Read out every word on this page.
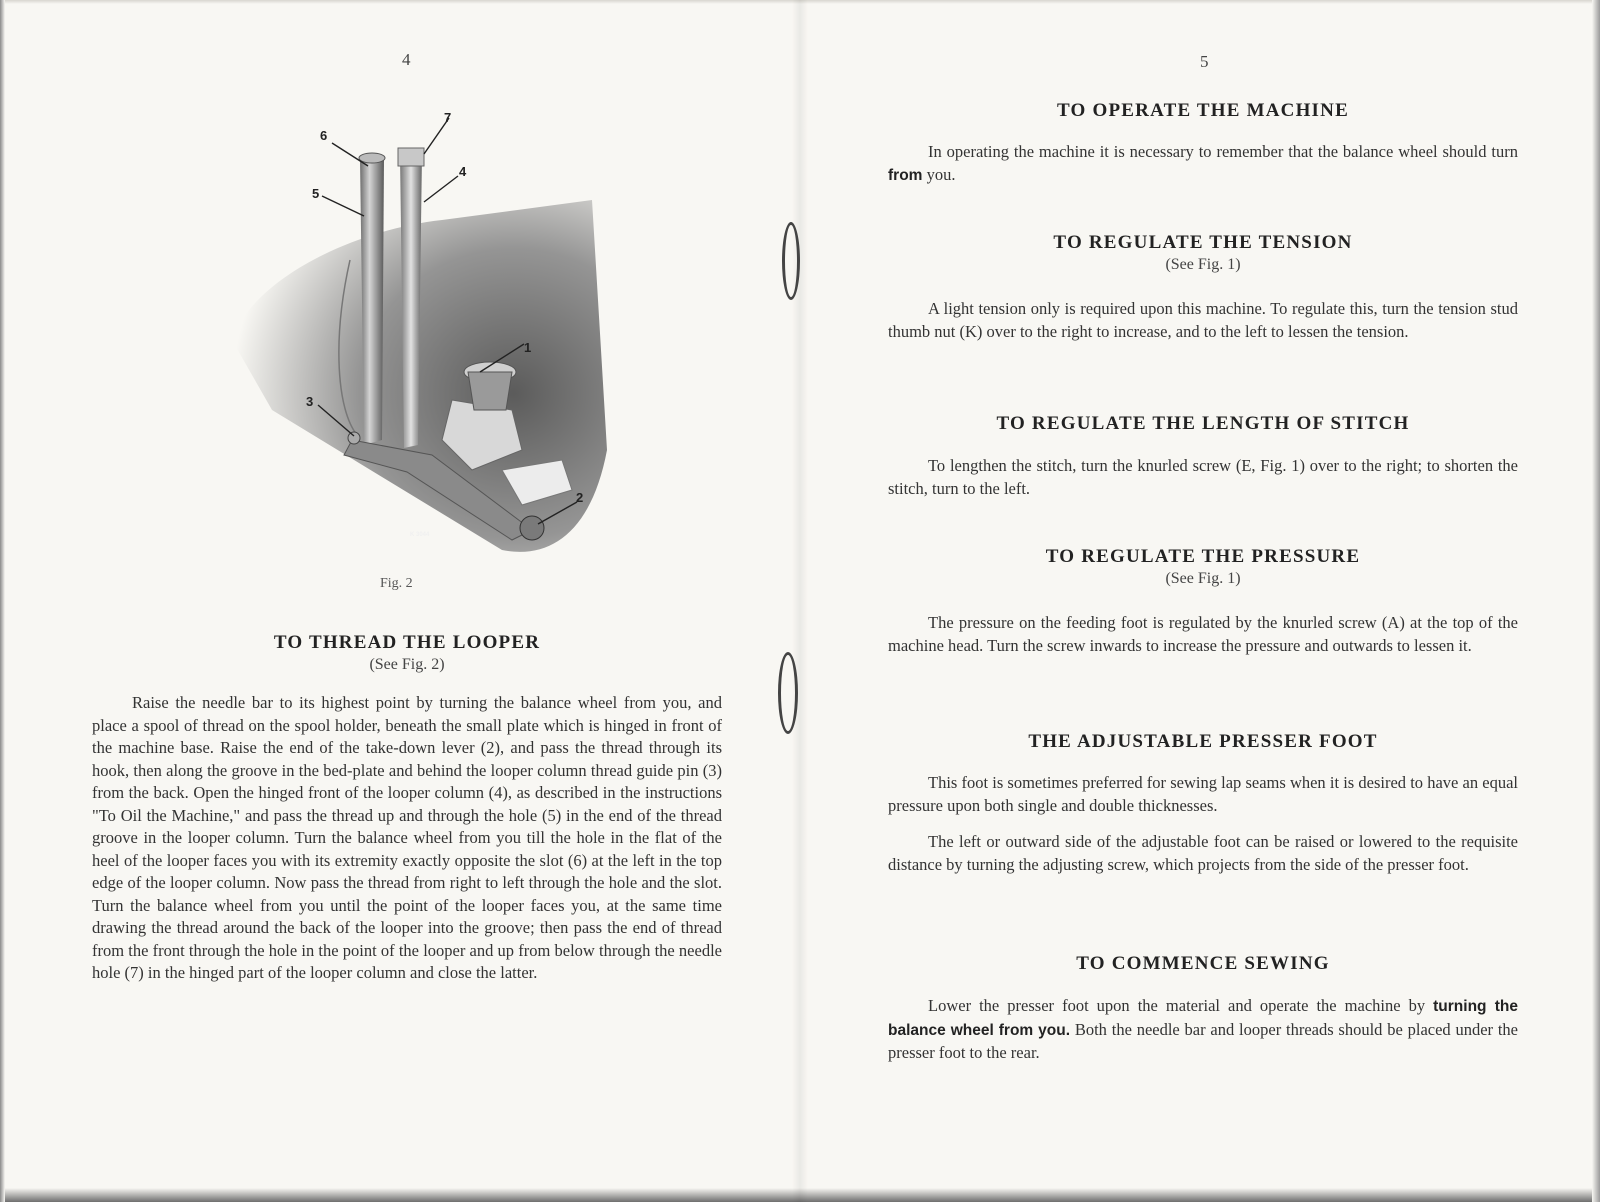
4
6
7
5
4
1
3
2
K 3044
Fig. 2
TO THREAD THE LOOPER
(See Fig. 2)

Raise the needle bar to its highest point by turning the balance wheel from you, and place a spool of thread on the spool holder, beneath the small plate which is hinged in front of the machine base. Raise the end of the take-down lever (2), and pass the thread through its hook, then along the groove in the bed-plate and behind the looper column thread guide pin (3) from the back. Open the hinged front of the looper column (4), as described in the instructions "To Oil the Machine," and pass the thread up and through the hole (5) in the end of the thread groove in the looper column. Turn the balance wheel from you till the hole in the flat of the heel of the looper faces you with its extremity exactly opposite the slot (6) at the left in the top edge of the looper column. Now pass the thread from right to left through the hole and the slot. Turn the balance wheel from you until the point of the looper faces you, at the same time drawing the thread around the back of the looper into the groove; then pass the end of thread from the front through the hole in the point of the looper and up from below through the needle hole (7) in the hinged part of the looper column and close the latter.

5
TO OPERATE THE MACHINE

In operating the machine it is necessary to remember that the balance wheel should turn from you.

TO REGULATE THE TENSION
(See Fig. 1)

A light tension only is required upon this machine. To regulate this, turn the tension stud thumb nut (K) over to the right to increase, and to the left to lessen the tension.

TO REGULATE THE LENGTH OF STITCH

To lengthen the stitch, turn the knurled screw (E, Fig. 1) over to the right; to shorten the stitch, turn to the left.

TO REGULATE THE PRESSURE
(See Fig. 1)

The pressure on the feeding foot is regulated by the knurled screw (A) at the top of the machine head. Turn the screw inwards to increase the pressure and outwards to lessen it.

THE ADJUSTABLE PRESSER FOOT

This foot is sometimes preferred for sewing lap seams when it is desired to have an equal pressure upon both single and double thicknesses.

The left or outward side of the adjustable foot can be raised or lowered to the requisite distance by turning the adjusting screw, which projects from the side of the presser foot.

TO COMMENCE SEWING

Lower the presser foot upon the material and operate the machine by turning the balance wheel from you. Both the needle bar and looper threads should be placed under the presser foot to the rear.
